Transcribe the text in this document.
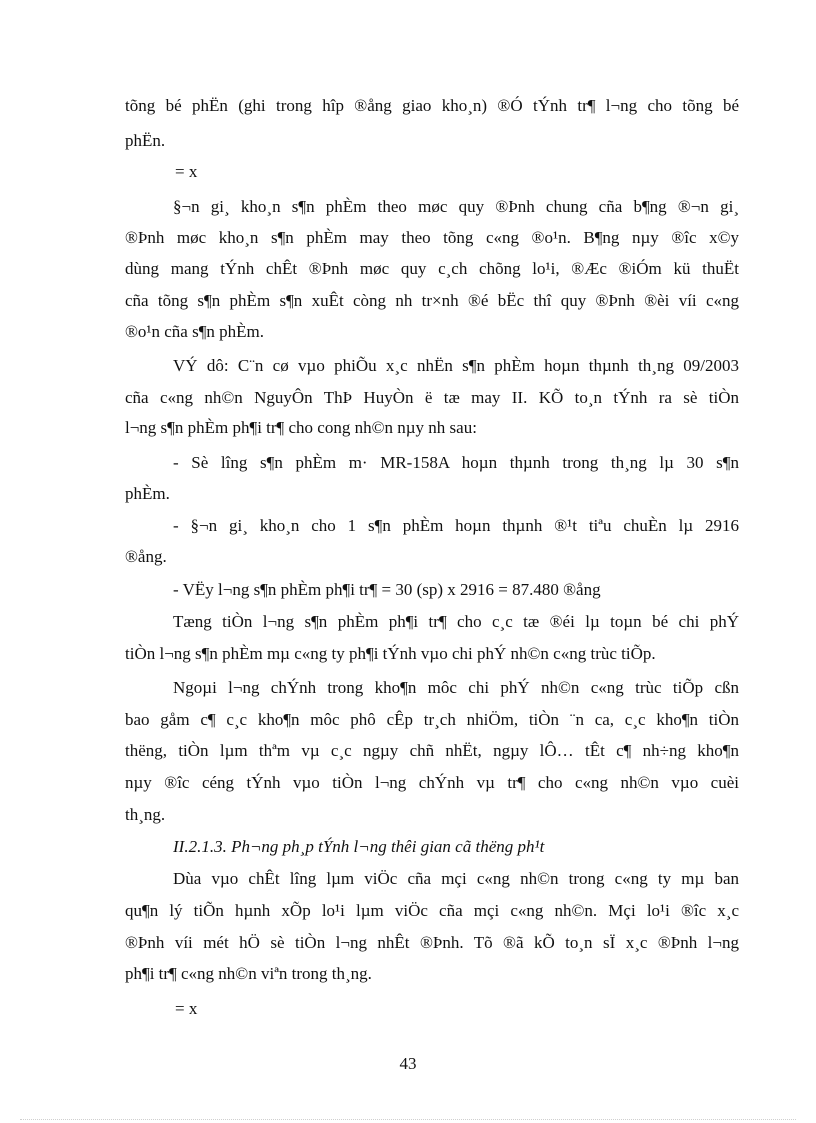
tõng bé phËn (ghi trong hîp ®ång giao kho¸n) ®Ó tÝnh tr¶ l¬ng cho tõng bé
phËn.
= x
§¬n gi¸ kho¸n s¶n phÈm theo møc quy ®Þnh chung cña b¶ng ®¬n gi¸
®Þnh møc kho¸n s¶n phÈm may theo tõng c«ng ®o¹n. B¶ng nµy ®îc x©y
dùng mang tÝnh chÊt ®Þnh møc quy c¸ch chõng lo¹i, ®Æc ®iÓm kü thuËt
cña tõng s¶n phÈm s¶n xuÊt còng nh tr×nh ®é bËc thî quy ®Þnh ®èi víi c«ng
®o¹n cña s¶n phÈm.
VÝ dô: C¨n cø vµo phiÕu x¸c nhËn s¶n phÈm hoµn thµnh th¸ng 09/2003
cña c«ng nh©n NguyÔn ThÞ HuyÒn ë tæ may II. KÕ to¸n tÝnh ra sè tiÒn
l¬ng s¶n phÈm ph¶i tr¶ cho cong nh©n nµy nh sau:
- Sè lîng s¶n phÈm m· MR-158A hoµn thµnh trong th¸ng lµ 30 s¶n
phÈm.
- §¬n gi¸ kho¸n cho 1 s¶n phÈm hoµn thµnh ®¹t tiªu chuÈn lµ 2916
®ång.
- VËy l¬ng s¶n phÈm ph¶i tr¶ = 30 (sp) x 2916 = 87.480 ®ång
Tæng tiÒn l¬ng s¶n phÈm ph¶i tr¶ cho c¸c tæ ®éi lµ toµn bé chi phÝ
tiÒn l¬ng s¶n phÈm mµ c«ng ty ph¶i tÝnh vµo chi phÝ nh©n c«ng trùc tiÕp.
Ngoµi l¬ng chÝnh trong kho¶n môc chi phÝ nh©n c«ng trùc tiÕp cßn
bao gåm c¶ c¸c kho¶n môc phô cÊp tr¸ch nhiÖm, tiÒn ¨n ca, c¸c kho¶n tiÒn
thëng, tiÒn lµm thªm vµ c¸c ngµy chñ nhËt, ngµy lÔ… tÊt c¶ nh÷ng kho¶n
nµy ®îc céng tÝnh vµo tiÒn l¬ng chÝnh vµ tr¶ cho c«ng nh©n vµo cuèi
th¸ng.
II.2.1.3. Ph¬ng ph¸p tÝnh l¬ng thêi gian cã thëng ph¹t
Dùa vµo chÊt lîng lµm viÖc cña mçi c«ng nh©n trong c«ng ty mµ ban
qu¶n lý tiÕn hµnh xÕp lo¹i lµm viÖc cña mçi c«ng nh©n. Mçi lo¹i ®îc x¸c
®Þnh víi mét hÖ sè tiÒn l¬ng nhÊt ®Þnh. Tõ ®ã kÕ to¸n sÏ x¸c ®Þnh l¬ng
ph¶i tr¶ c«ng nh©n viªn trong th¸ng.
= x
43
